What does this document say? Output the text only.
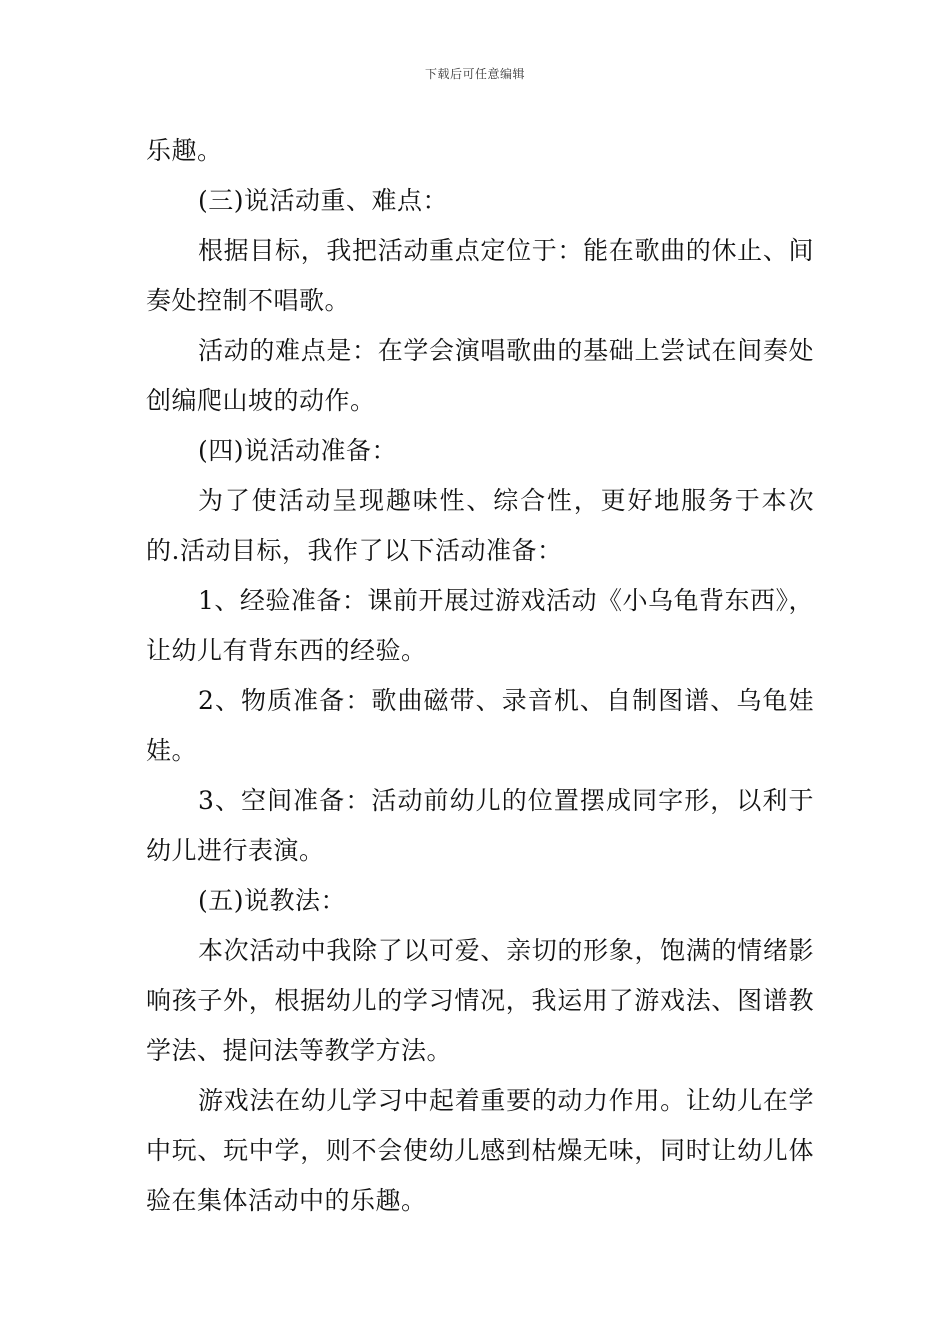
下载后可任意编辑

乐趣。

(三)说活动重、难点：

根据目标，我把活动重点定位于：能在歌曲的休止、间奏处控制不唱歌。

活动的难点是：在学会演唱歌曲的基础上尝试在间奏处创编爬山坡的动作。

(四)说活动准备：

为了使活动呈现趣味性、综合性，更好地服务于本次的.活动目标，我作了以下活动准备：

1、经验准备：课前开展过游戏活动《小乌龟背东西》，让幼儿有背东西的经验。

2、物质准备：歌曲磁带、录音机、自制图谱、乌龟娃娃。

3、空间准备：活动前幼儿的位置摆成同字形，以利于幼儿进行表演。

(五)说教法：

本次活动中我除了以可爱、亲切的形象，饱满的情绪影响孩子外，根据幼儿的学习情况，我运用了游戏法、图谱教学法、提问法等教学方法。

游戏法在幼儿学习中起着重要的动力作用。让幼儿在学中玩、玩中学，则不会使幼儿感到枯燥无味，同时让幼儿体验在集体活动中的乐趣。
